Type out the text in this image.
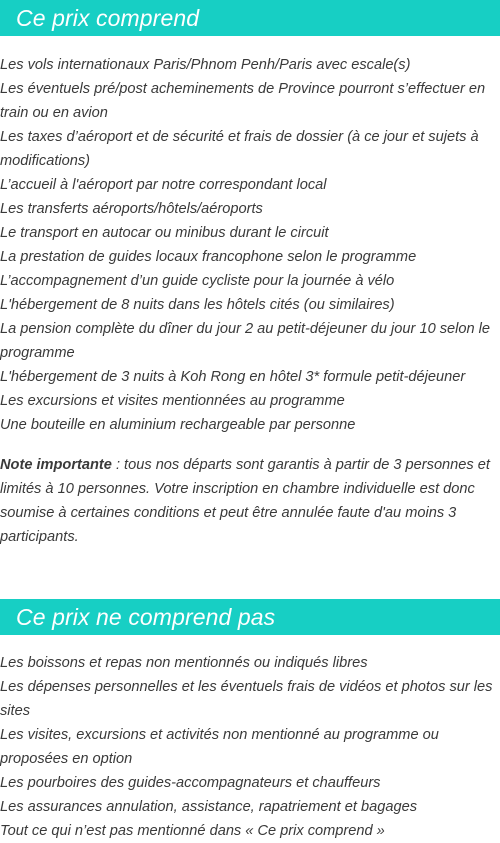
Ce prix comprend
Les vols internationaux Paris/Phnom Penh/Paris avec escale(s)
Les éventuels pré/post acheminements de Province pourront s’effectuer en train ou en avion
Les taxes d’aéroport et de sécurité et frais de dossier (à ce jour et sujets à modifications)
L’accueil à l'aéroport par notre correspondant local
Les transferts aéroports/hôtels/aéroports
Le transport en autocar ou minibus durant le circuit
La prestation de guides locaux francophone selon le programme
L’accompagnement d’un guide cycliste pour la journée à vélo
L'hébergement de 8 nuits dans les hôtels cités (ou similaires)
La pension complète du dîner du jour 2 au petit-déjeuner du jour 10 selon le programme
L'hébergement de 3 nuits à Koh Rong en hôtel 3* formule petit-déjeuner
Les excursions et visites mentionnées au programme
Une bouteille en aluminium rechargeable par personne

Note importante : tous nos départs sont garantis à partir de 3 personnes et limités à 10 personnes. Votre inscription en chambre individuelle est donc soumise à certaines conditions et peut être annulée faute d'au moins 3 participants.

Ce prix ne comprend pas
Les boissons et repas non mentionnés ou indiqués libres
Les dépenses personnelles et les éventuels frais de vidéos et photos sur les sites
Les visites, excursions et activités non mentionné au programme ou proposées en option
Les pourboires des guides-accompagnateurs et chauffeurs
Les assurances annulation, assistance, rapatriement et bagages
Tout ce qui n’est pas mentionné dans « Ce prix comprend »
